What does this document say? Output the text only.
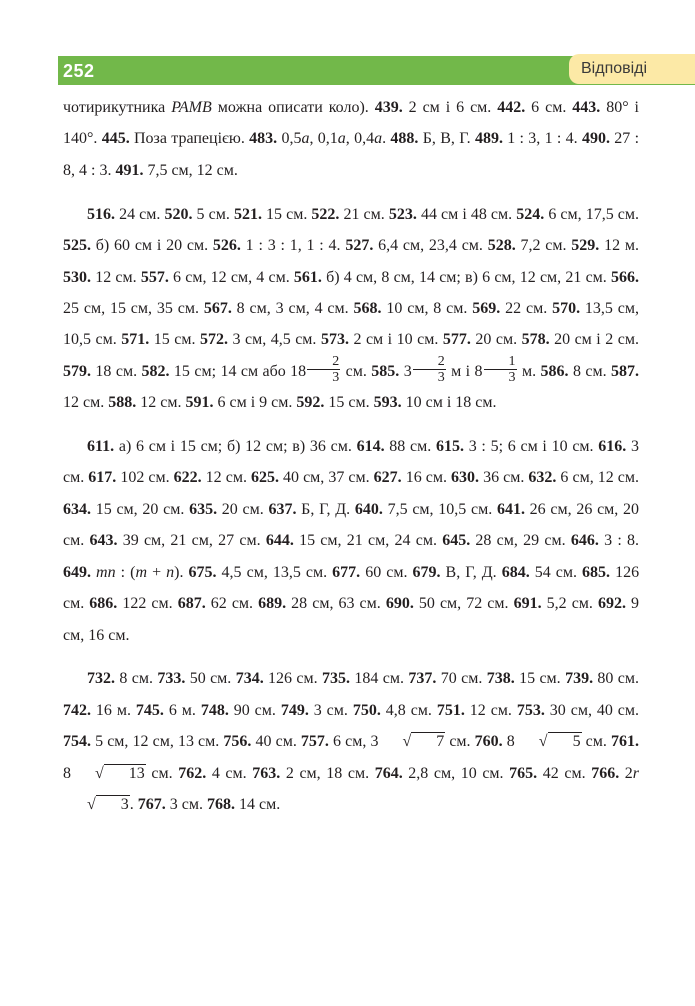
252	Відповіді

чотирикутника PAMB можна описати коло). 439. 2 см і 6 см. 442. 6 см. 443. 80° і 140°. 445. Поза трапецією. 483. 0,5a, 0,1a, 0,4a. 488. Б, В, Г. 489. 1 : 3, 1 : 4. 490. 27 : 8, 4 : 3. 491. 7,5 см, 12 см.

516. 24 см. 520. 5 см. 521. 15 см. 522. 21 см. 523. 44 см і 48 см. 524. 6 см, 17,5 см. 525. б) 60 см і 20 см. 526. 1 : 3 : 1, 1 : 4. 527. 6,4 см, 23,4 см. 528. 7,2 см. 529. 12 м. 530. 12 см. 557. 6 см, 12 см, 4 см. 561. б) 4 см, 8 см, 14 см; в) 6 см, 12 см, 21 см. 566. 25 см, 15 см, 35 см. 567. 8 см, 3 см, 4 см. 568. 10 см, 8 см. 569. 22 см. 570. 13,5 см, 10,5 см. 571. 15 см. 572. 3 см, 4,5 см. 573. 2 см і 10 см. 577. 20 см. 578. 20 см і 2 см. 579. 18 см. 582. 15 см; 14 см або $18 \frac{2}{3}$ см. 585. $3 \frac{2}{3}$ м і $8 \frac{1}{3} м$. 586. 8 см. 587. 12 см. 588. 12 см. 591. 6 см і 9 см. 592. 15 см. 593. 10 см і 18 см.

611. а) 6 см і 15 см; б) 12 см; в) 36 см. 614. 88 см. 615. 3 : 5; 6 см і 10 см. 616. 3 см. 617. 102 см. 622. 12 см. 625. 40 см, 37 см. 627. 16 см. 630. 36 см. 632. 6 см, 12 см. 634. 15 см, 20 см. 635. 20 см. 637. Б, Г, Д. 640. 7,5 см, 10,5 см. 641. 26 см, 26 см, 20 см. 643. 39 см, 21 см, 27 см. 644. 15 см, 21 см, 24 см. 645. 28 см, 29 см. 646. 3 : 8. 649. mn : (m + n). 675. 4,5 см, 13,5 см. 677. 60 см. 679. В, Г, Д. 684. 54 см. 685. 126 см. 686. 122 см. 687. 62 см. 689. 28 см, 63 см. 690. 50 см, 72 см. 691. 5,2 см. 692. 9 см, 16 см.

732. 8 см. 733. 50 см. 734. 126 см. 735. 184 см. 737. 70 см. 738. 15 см. 739. 80 см. 742. 16 м. 745. 6 м. 748. 90 см. 749. 3 см. 750. 4,8 см. 751. 12 см. 753. 30 см, 40 см. 754. 5 см, 12 см, 13 см. 756. 40 см. 757. 6 см, 3 √ 7 см. 760. 8 √ 5 см. 761. 8 √ 13 см. 762. 4 см. 763. 2 см, 18 см. 764. 2,8 см, 10 см. 765. 42 см. 766. 2r√ 3. 767. 3 см. 768. 14 см.
